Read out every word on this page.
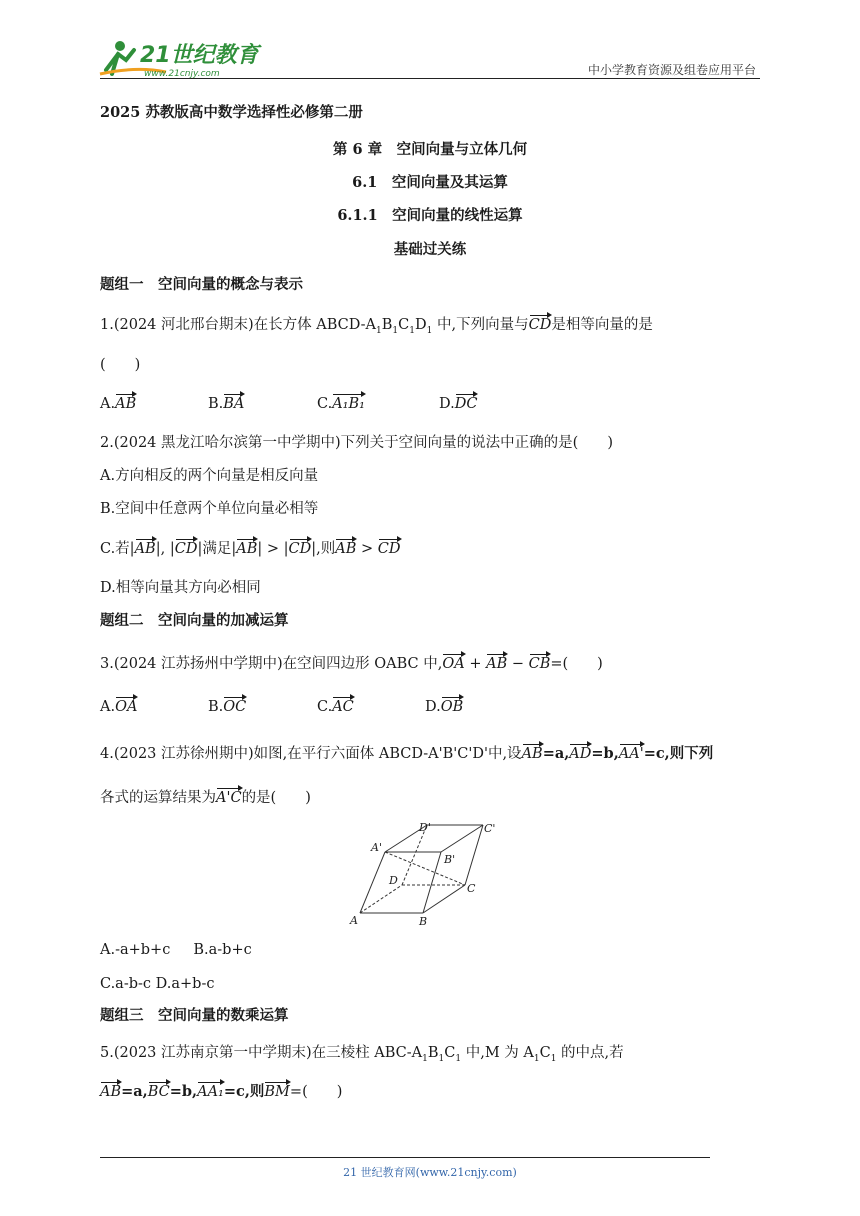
21世纪教育
www.21cnjy.com	中小学教育资源及组卷应用平台
2025 苏教版高中数学选择性必修第二册
第 6 章　空间向量与立体几何
6.1　空间向量及其运算
6.1.1　空间向量的线性运算
基础过关练
题组一　空间向量的概念与表示
1.(2024 河北邢台期末)在长方体 ABCD-$A_1B_1C_1D_1$ 中,下列向量与CD是相等向量的是
(　　)
A.AB	B.BA	C.A₁B₁	D.DC
2.(2024 黑龙江哈尔滨第一中学期中)下列关于空间向量的说法中正确的是(　　)
A.方向相反的两个向量是相反向量
B.空间中任意两个单位向量必相等
C.若|AB|, |CD|满足|AB| > |CD|,则AB > CD
D.相等向量其方向必相同
题组二　空间向量的加减运算
3.(2024 江苏扬州中学期中)在空间四边形 OABC 中,OA + AB − CB=(　　)
A.OA	B.OC	C.AC	D.OB
4.(2023 江苏徐州期中)如图,在平行六面体 ABCD-A'B'C'D'中,设AB=a,AD=b,AA'=c,则下列
各式的运算结果为A'C的是(　　)
A	B
C
D
A'
B'
C'
D'
A.-a+b+c B.a-b+c
C.a-b-c D.a+b-c
题组三　空间向量的数乘运算
5.(2023 江苏南京第一中学期末)在三棱柱 ABC-$A_1B_1C_1$ 中,M 为 $A_1C_1$ 的中点,若
AB=a,BC=b,AA₁=c,则BM=(　　)
21 世纪教育网(www.21cnjy.com)
